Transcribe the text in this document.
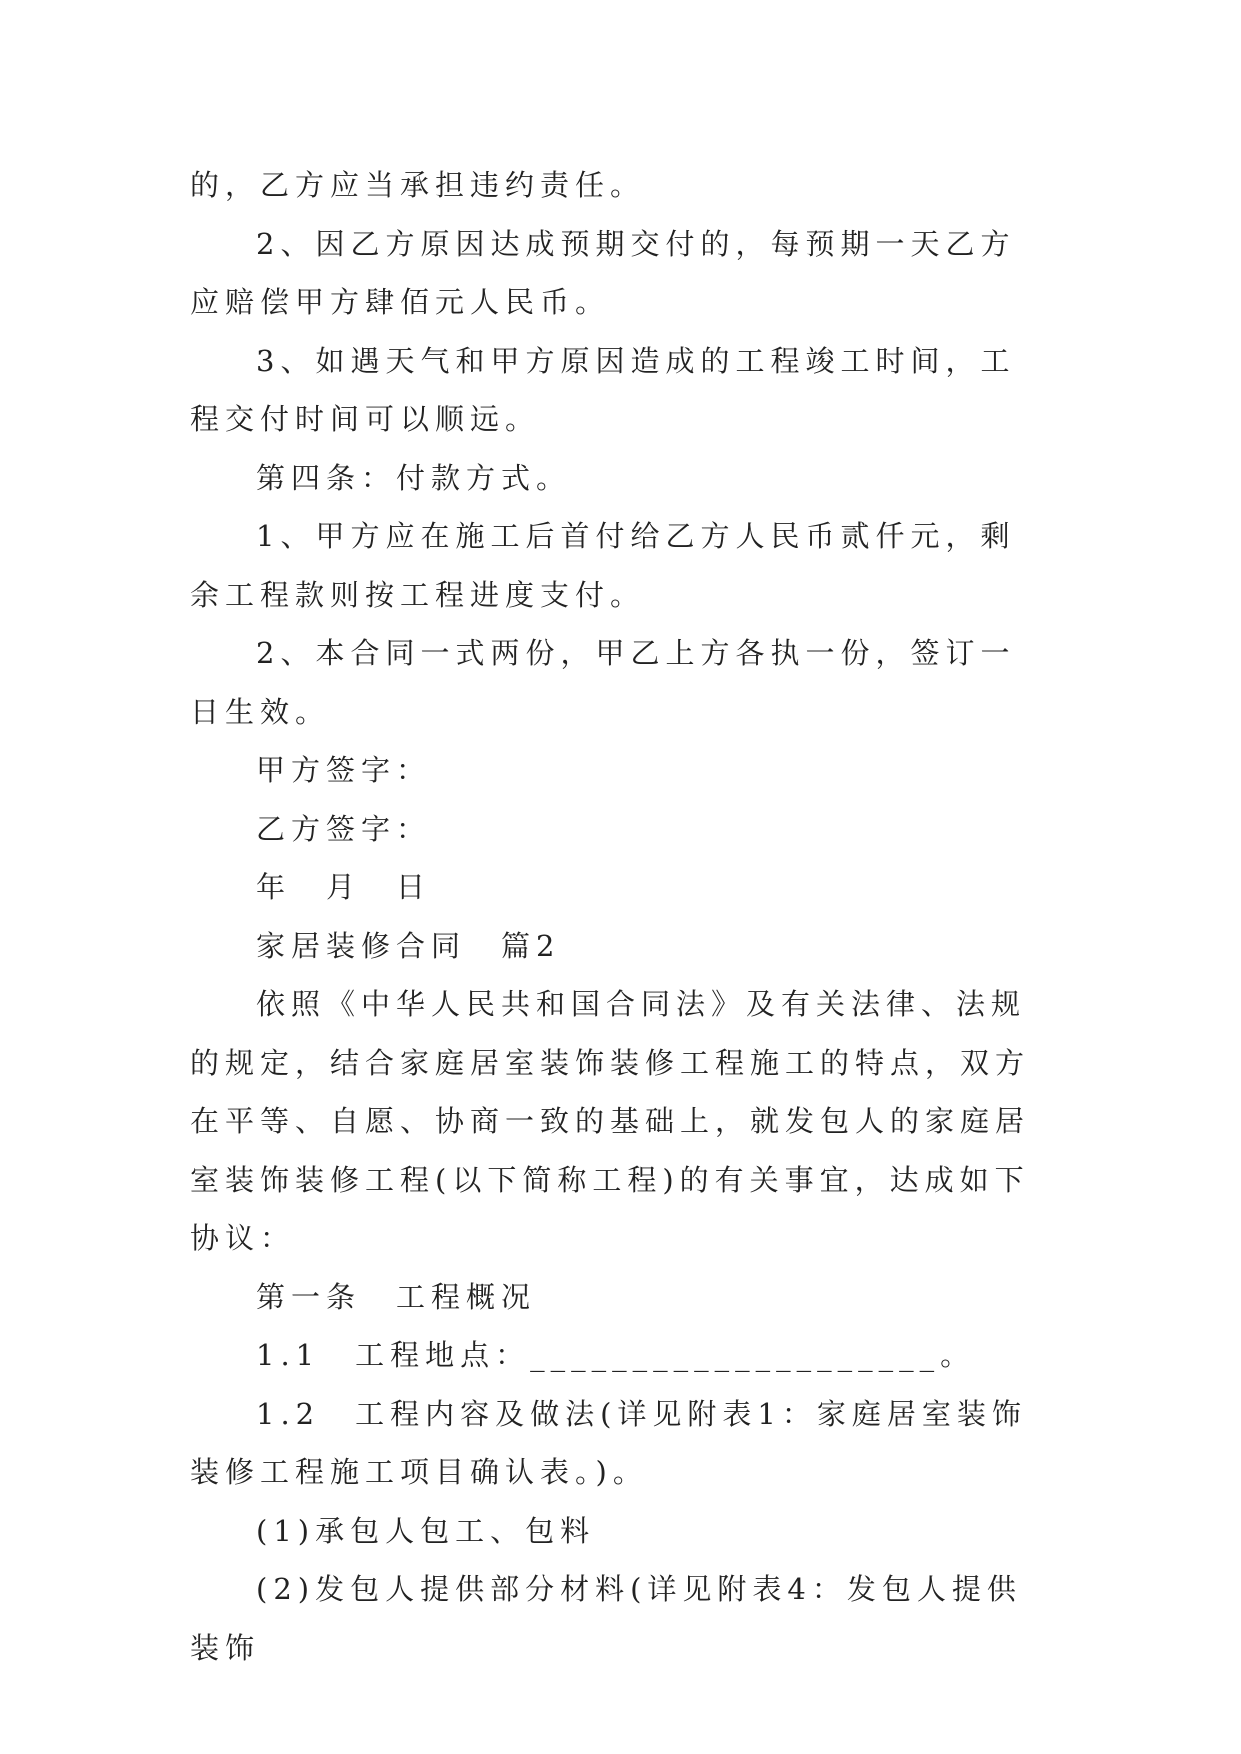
的，乙方应当承担违约责任。

2、因乙方原因达成预期交付的，每预期一天乙方应赔偿甲方肆佰元人民币。

3、如遇天气和甲方原因造成的工程竣工时间，工程交付时间可以顺远。

第四条：付款方式。

1、甲方应在施工后首付给乙方人民币贰仟元，剩余工程款则按工程进度支付。

2、本合同一式两份，甲乙上方各执一份，签订一日生效。

甲方签字：

乙方签字：

年　月　日

家居装修合同　篇2

依照《中华人民共和国合同法》及有关法律、法规的规定，结合家庭居室装饰装修工程施工的特点，双方在平等、自愿、协商一致的基础上，就发包人的家庭居室装饰装修工程(以下简称工程)的有关事宜，达成如下协议：

第一条　工程概况

1.1　工程地点：____________________。

1.2　工程内容及做法(详见附表1：家庭居室装饰装修工程施工项目确认表。)。

(1)承包人包工、包料

(2)发包人提供部分材料(详见附表4：发包人提供装饰
